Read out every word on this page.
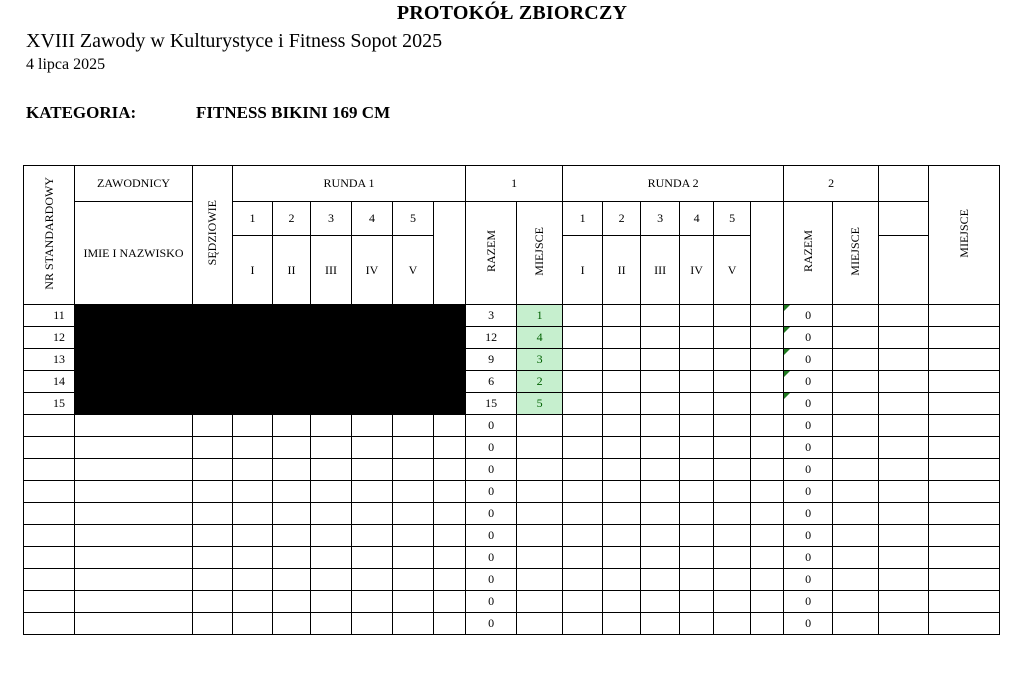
PROTOKÓŁ ZBIORCZY
XVIII Zawody w Kulturystyce i Fitness Sopot 2025
4 lipca 2025
KATEGORIA:	FITNESS BIKINI 169 CM
NR STANDARDOWY	ZAWODNICY	SĘDZIOWIE	RUNDA 1						1		RUNDA 2						2			MIEJSCE
	IMIE I NAZWISKO		1	2	3	4	5		RAZEM	MIEJSCE	1	2	3	4	5		RAZEM	MIEJSCE		
			I	II	III	IV	V				I	II	III	IV	V					
11									3	1							0			
12									12	4							0			
13									9	3							0			
14									6	2							0			
15									15	5							0			
									0								0			
									0								0			
									0								0			
									0								0			
									0								0			
									0								0			
									0								0			
									0								0			
									0								0			
									0								0			
